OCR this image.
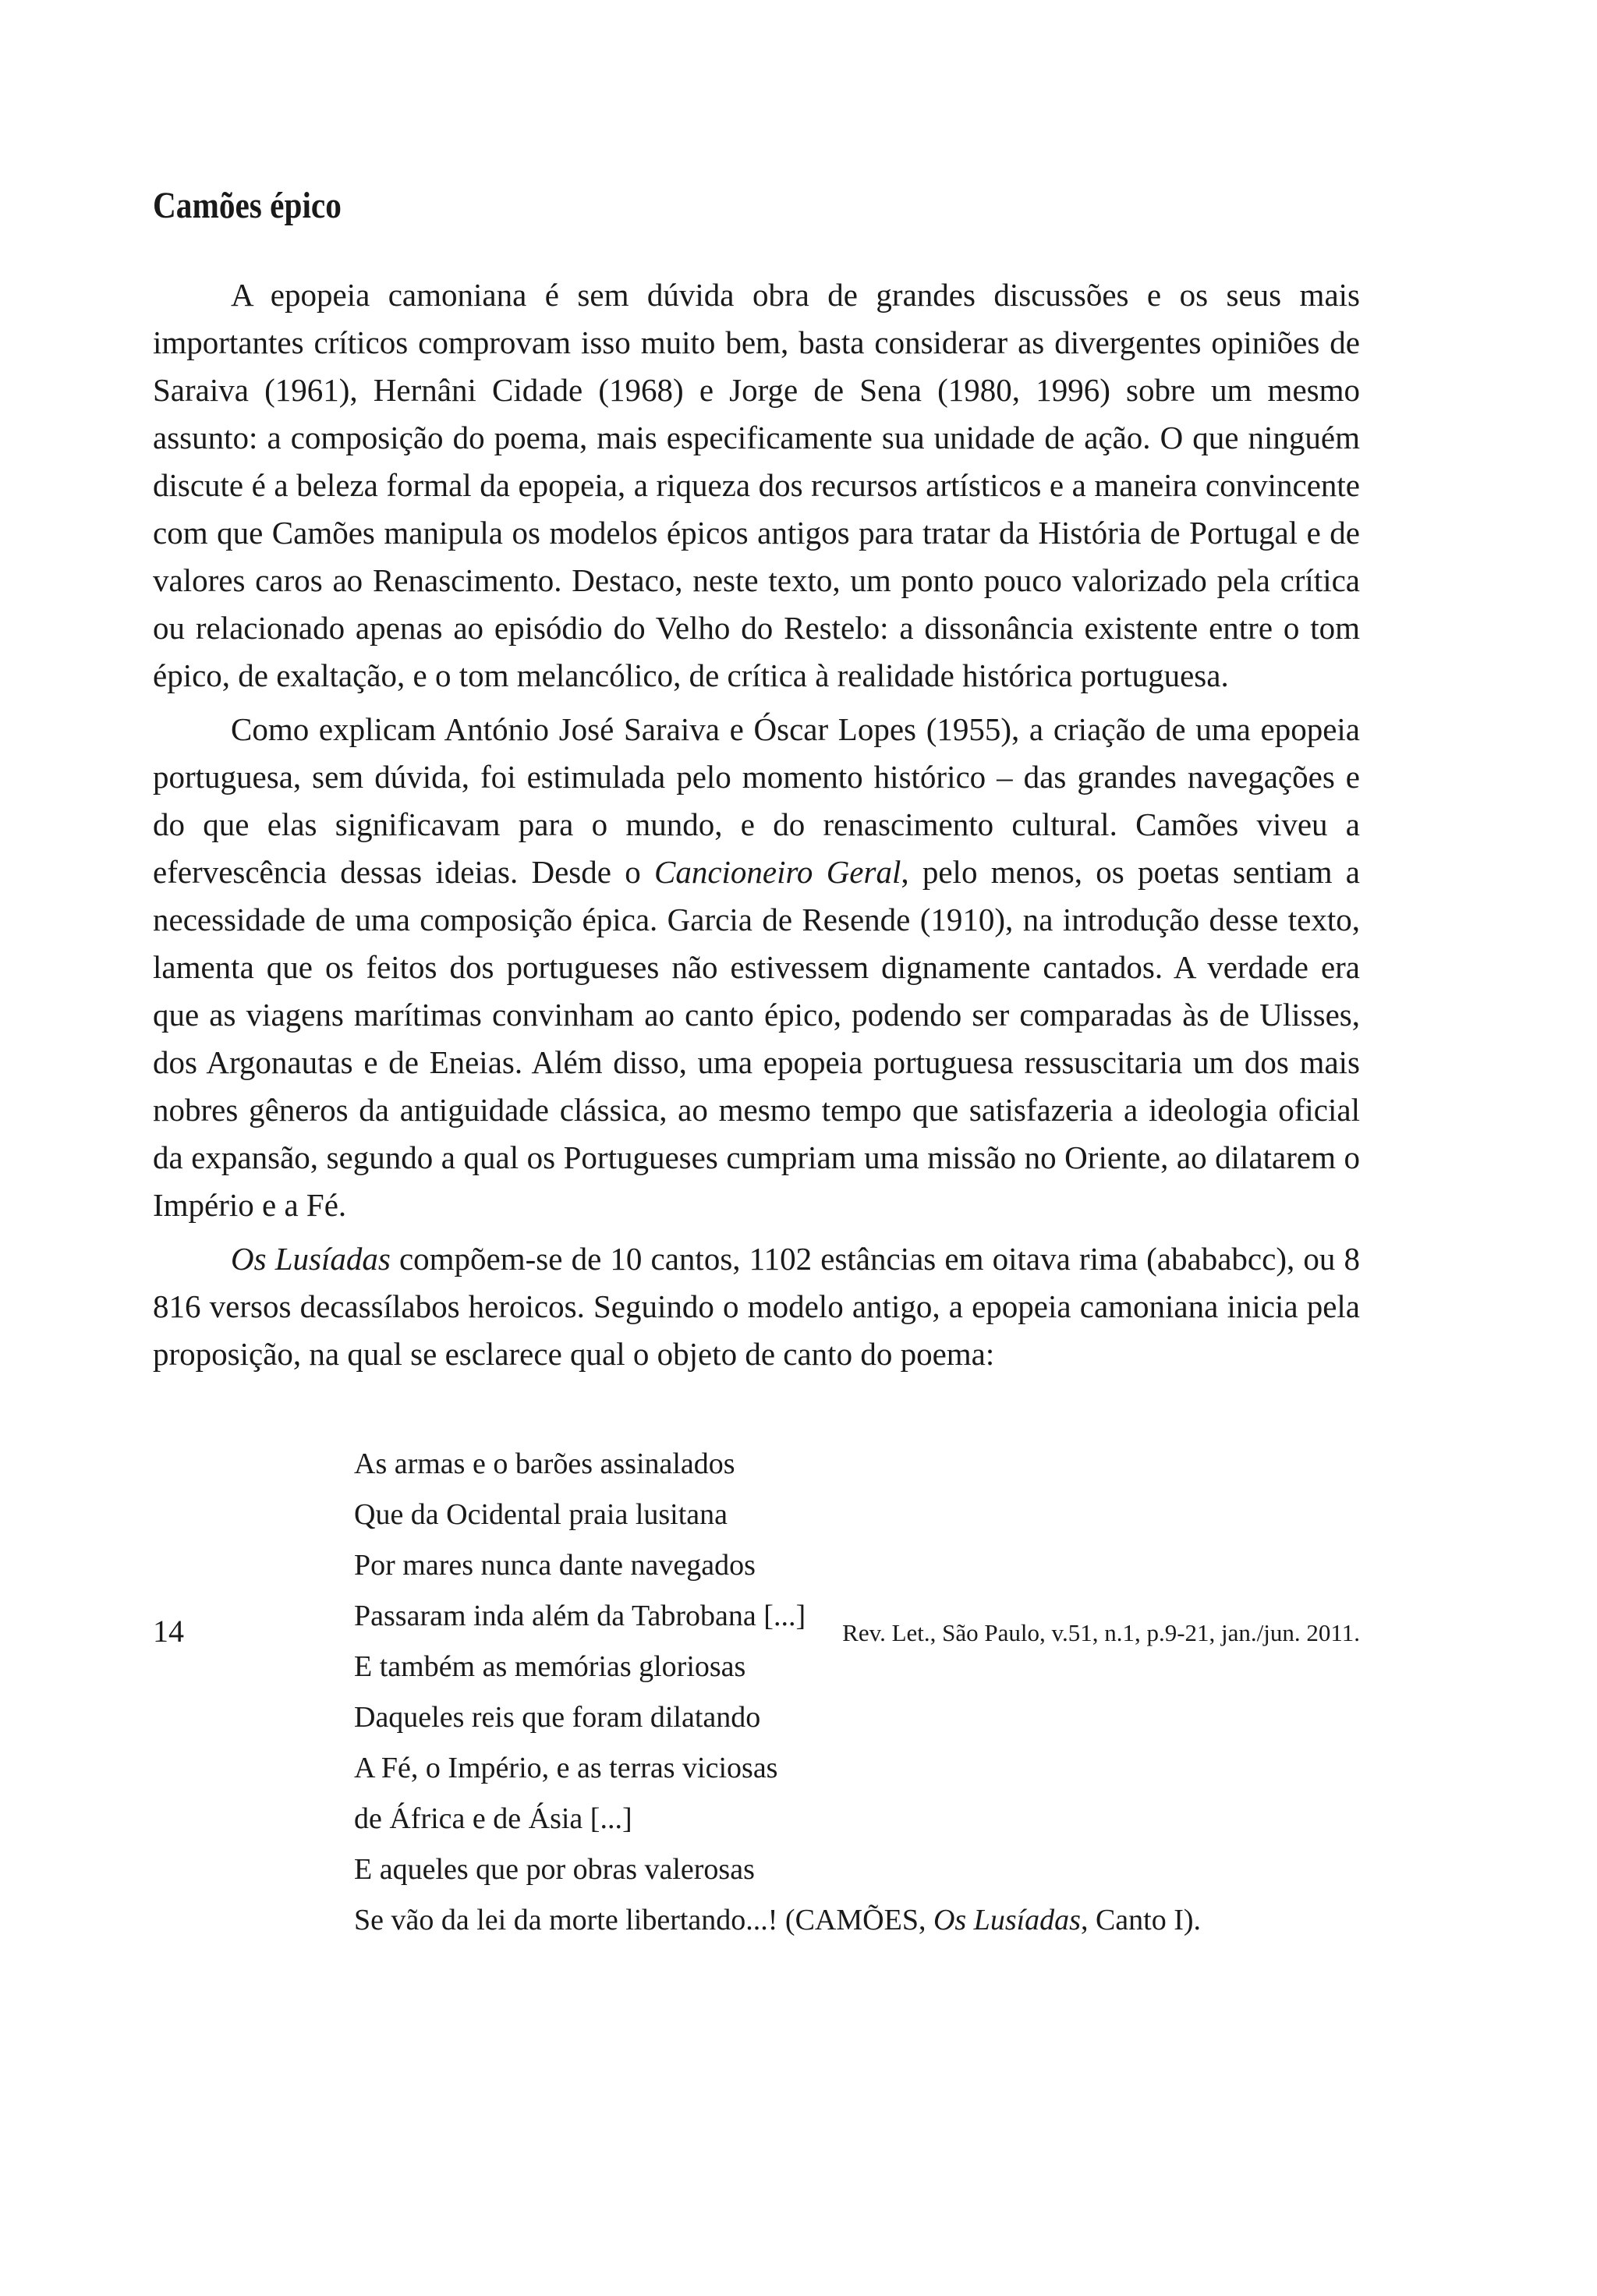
Camões épico

A epopeia camoniana é sem dúvida obra de grandes discussões e os seus mais importantes críticos comprovam isso muito bem, basta considerar as divergentes opiniões de Saraiva (1961), Hernâni Cidade (1968) e Jorge de Sena (1980, 1996) sobre um mesmo assunto: a composição do poema, mais especificamente sua unidade de ação. O que ninguém discute é a beleza formal da epopeia, a riqueza dos recursos artísticos e a maneira convincente com que Camões manipula os modelos épicos antigos para tratar da História de Portugal e de valores caros ao Renascimento. Destaco, neste texto, um ponto pouco valorizado pela crítica ou relacionado apenas ao episódio do Velho do Restelo: a dissonância existente entre o tom épico, de exaltação, e o tom melancólico, de crítica à realidade histórica portuguesa.

Como explicam António José Saraiva e Óscar Lopes (1955), a criação de uma epopeia portuguesa, sem dúvida, foi estimulada pelo momento histórico – das grandes navegações e do que elas significavam para o mundo, e do renascimento cultural. Camões viveu a efervescência dessas ideias. Desde o Cancioneiro Geral, pelo menos, os poetas sentiam a necessidade de uma composição épica. Garcia de Resende (1910), na introdução desse texto, lamenta que os feitos dos portugueses não estivessem dignamente cantados. A verdade era que as viagens marítimas convinham ao canto épico, podendo ser comparadas às de Ulisses, dos Argonautas e de Eneias. Além disso, uma epopeia portuguesa ressuscitaria um dos mais nobres gêneros da antiguidade clássica, ao mesmo tempo que satisfazeria a ideologia oficial da expansão, segundo a qual os Portugueses cumpriam uma missão no Oriente, ao dilatarem o Império e a Fé.

Os Lusíadas compõem-se de 10 cantos, 1102 estâncias em oitava rima (abababcc), ou 8 816 versos decassílabos heroicos. Seguindo o modelo antigo, a epopeia camoniana inicia pela proposição, na qual se esclarece qual o objeto de canto do poema:

As armas e o barões assinalados
Que da Ocidental praia lusitana
Por mares nunca dante navegados
Passaram inda além da Tabrobana [...]
E também as memórias gloriosas
Daqueles reis que foram dilatando
A Fé, o Império, e as terras viciosas
de África e de Ásia [...]
E aqueles que por obras valerosas
Se vão da lei da morte libertando...! (CAMÕES, Os Lusíadas, Canto I).
14	Rev. Let., São Paulo, v.51, n.1, p.9-21, jan./jun. 2011.
